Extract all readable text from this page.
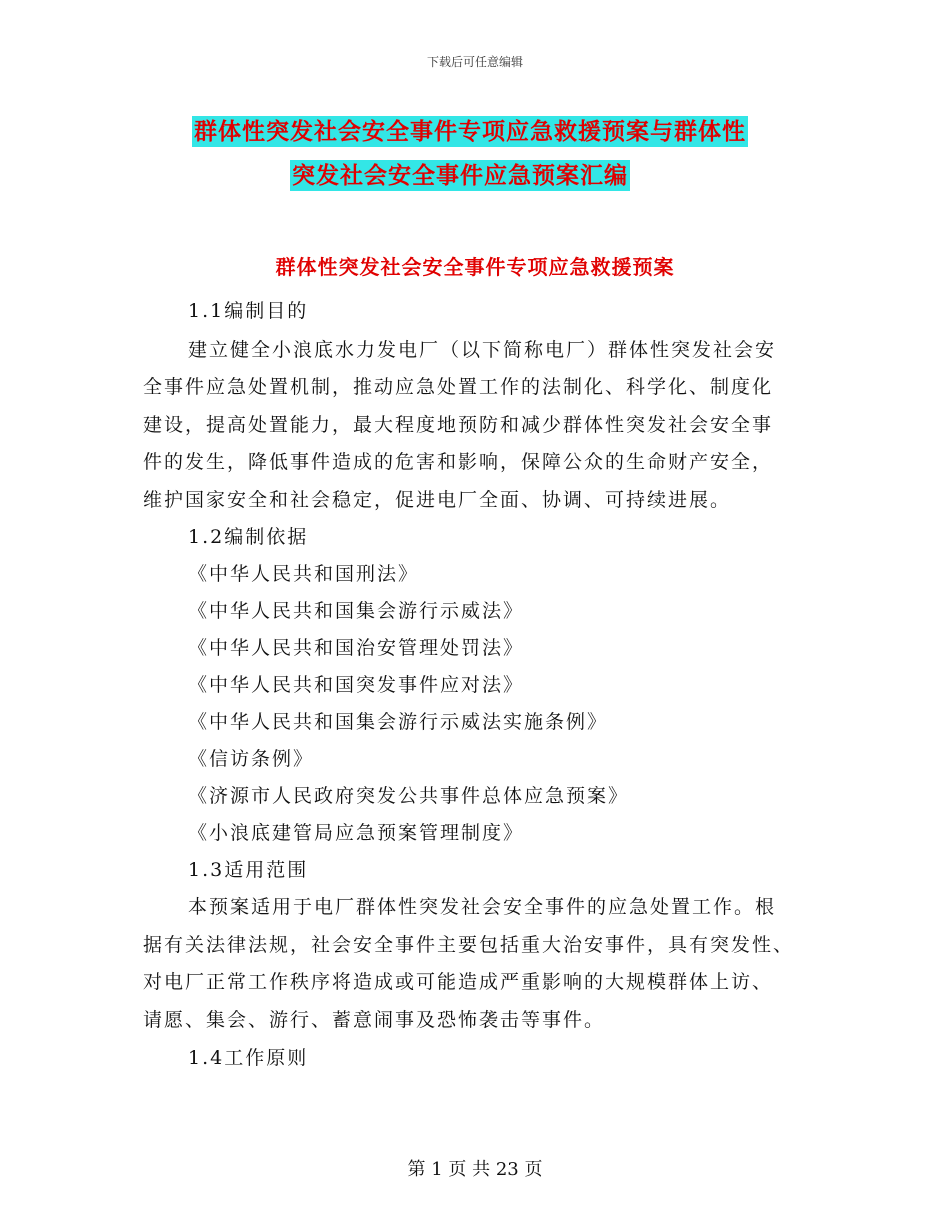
下载后可任意编辑
群体性突发社会安全事件专项应急救援预案与群体性
突发社会安全事件应急预案汇编
群体性突发社会安全事件专项应急救援预案
1.1编制目的
建立健全小浪底水力发电厂（以下简称电厂）群体性突发社会安
全事件应急处置机制，推动应急处置工作的法制化、科学化、制度化
建设，提高处置能力，最大程度地预防和减少群体性突发社会安全事
件的发生，降低事件造成的危害和影响，保障公众的生命财产安全，
维护国家安全和社会稳定，促进电厂全面、协调、可持续进展。
1.2编制依据
《中华人民共和国刑法》
《中华人民共和国集会游行示威法》
《中华人民共和国治安管理处罚法》
《中华人民共和国突发事件应对法》
《中华人民共和国集会游行示威法实施条例》
《信访条例》
《济源市人民政府突发公共事件总体应急预案》
《小浪底建管局应急预案管理制度》
1.3适用范围
本预案适用于电厂群体性突发社会安全事件的应急处置工作。根
据有关法律法规，社会安全事件主要包括重大治安事件，具有突发性、
对电厂正常工作秩序将造成或可能造成严重影响的大规模群体上访、
请愿、集会、游行、蓄意闹事及恐怖袭击等事件。
1.4工作原则
第 1 页 共 23 页
